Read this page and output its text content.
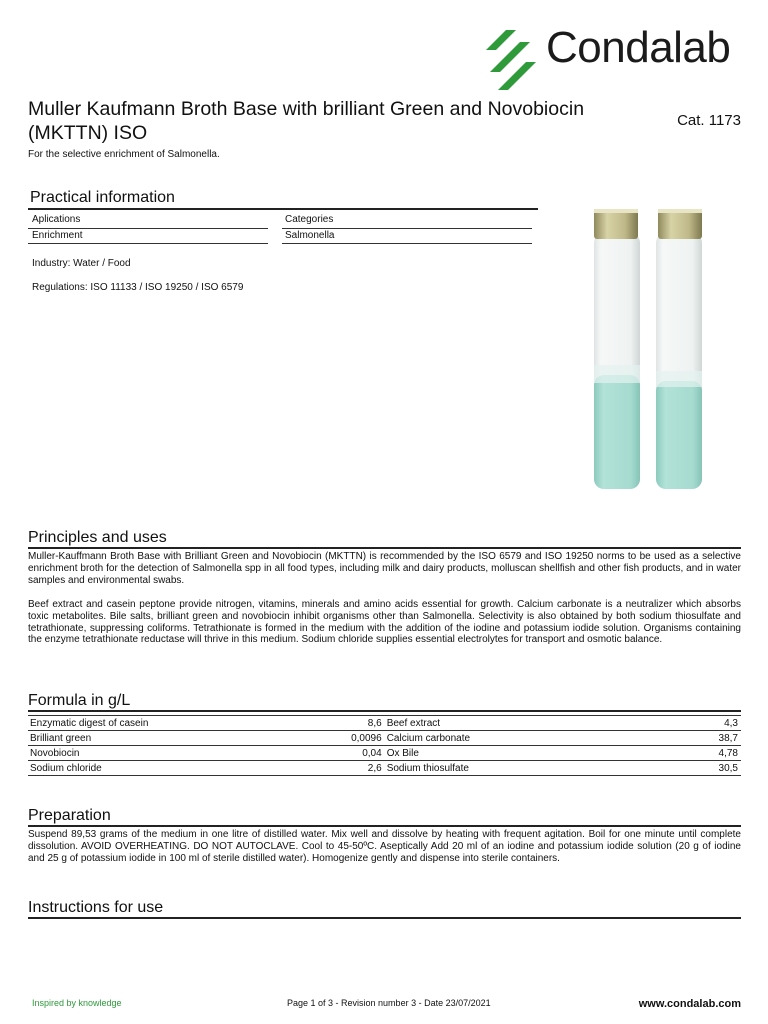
Condalab
Muller Kaufmann Broth Base with brilliant Green and Novobiocin (MKTTN) ISO
Cat. 1173
For the selective enrichment of Salmonella.
Practical information
Aplications	Categories
Enrichment	Salmonella
Industry: Water / Food
Regulations: ISO 11133 / ISO 19250 / ISO 6579
Principles and uses
Muller-Kauffmann Broth Base with Brilliant Green and Novobiocin (MKTTN) is recommended by the ISO 6579 and ISO 19250 norms to be used as a selective enrichment broth for the detection of Salmonella spp in all food types, including milk and dairy products, molluscan shellfish and other fish products, and in water samples and environmental swabs.
Beef extract and casein peptone provide nitrogen, vitamins, minerals and amino acids essential for growth. Calcium carbonate is a neutralizer which absorbs toxic metabolites. Bile salts, brilliant green and novobiocin inhibit organisms other than Salmonella. Selectivity is also obtained by both sodium thiosulfate and tetrathionate, suppressing coliforms. Tetrathionate is formed in the medium with the addition of the iodine and potassium iodide solution. Organisms containing the enzyme tetrathionate reductase will thrive in this medium. Sodium chloride supplies essential electrolytes for transport and osmotic balance.
Formula in g/L
Enzymatic digest of casein	8,6	Beef extract	4,3
Brilliant green	0,0096	Calcium carbonate	38,7
Novobiocin	0,04	Ox Bile	4,78
Sodium chloride	2,6	Sodium thiosulfate	30,5
Preparation
Suspend 89,53 grams of the medium in one litre of distilled water. Mix well and dissolve by heating with frequent agitation. Boil for one minute until complete dissolution. AVOID OVERHEATING. DO NOT AUTOCLAVE. Cool to 45-50ºC. Aseptically Add 20 ml of an iodine and potassium iodide solution (20 g of iodine and 25 g of potassium iodide in 100 ml of sterile distilled water). Homogenize gently and dispense into sterile containers.
Instructions for use
Inspired by knowledge	Page 1 of 3 - Revision number 3 - Date 23/07/2021	www.condalab.com
